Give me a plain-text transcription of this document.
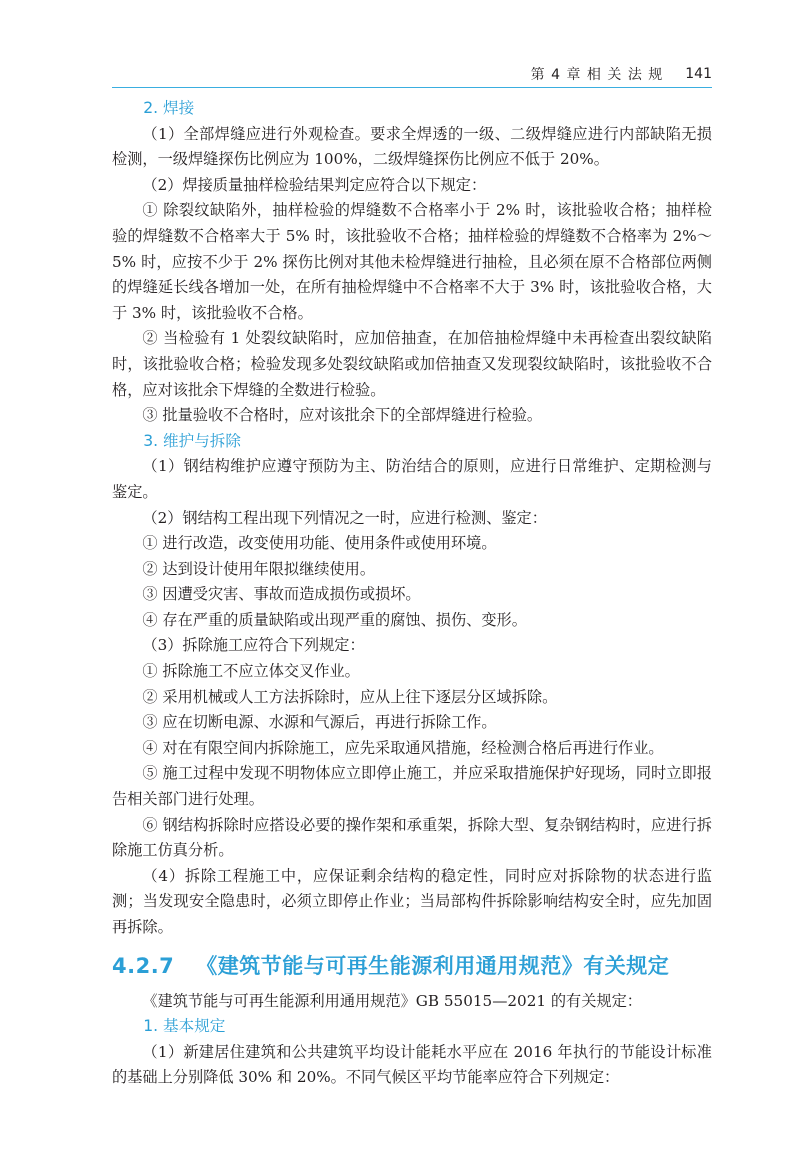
第 4 章 相 关 法 规 141

2. 焊接

（1）全部焊缝应进行外观检查。要求全焊透的一级、二级焊缝应进行内部缺陷无损检测，一级焊缝探伤比例应为 100%，二级焊缝探伤比例应不低于 20%。

（2）焊接质量抽样检验结果判定应符合以下规定：

① 除裂纹缺陷外，抽样检验的焊缝数不合格率小于 2% 时，该批验收合格；抽样检验的焊缝数不合格率大于 5% 时，该批验收不合格；抽样检验的焊缝数不合格率为 2%～5% 时，应按不少于 2% 探伤比例对其他未检焊缝进行抽检，且必须在原不合格部位两侧的焊缝延长线各增加一处，在所有抽检焊缝中不合格率不大于 3% 时，该批验收合格，大于 3% 时，该批验收不合格。

② 当检验有 1 处裂纹缺陷时，应加倍抽查，在加倍抽检焊缝中未再检查出裂纹缺陷时，该批验收合格；检验发现多处裂纹缺陷或加倍抽查又发现裂纹缺陷时，该批验收不合格，应对该批余下焊缝的全数进行检验。

③ 批量验收不合格时，应对该批余下的全部焊缝进行检验。

3. 维护与拆除

（1）钢结构维护应遵守预防为主、防治结合的原则，应进行日常维护、定期检测与鉴定。

（2）钢结构工程出现下列情况之一时，应进行检测、鉴定：

① 进行改造，改变使用功能、使用条件或使用环境。

② 达到设计使用年限拟继续使用。

③ 因遭受灾害、事故而造成损伤或损坏。

④ 存在严重的质量缺陷或出现严重的腐蚀、损伤、变形。

（3）拆除施工应符合下列规定：

① 拆除施工不应立体交叉作业。

② 采用机械或人工方法拆除时，应从上往下逐层分区域拆除。

③ 应在切断电源、水源和气源后，再进行拆除工作。

④ 对在有限空间内拆除施工，应先采取通风措施，经检测合格后再进行作业。

⑤ 施工过程中发现不明物体应立即停止施工，并应采取措施保护好现场，同时立即报告相关部门进行处理。

⑥ 钢结构拆除时应搭设必要的操作架和承重架，拆除大型、复杂钢结构时，应进行拆除施工仿真分析。

（4）拆除工程施工中，应保证剩余结构的稳定性，同时应对拆除物的状态进行监测；当发现安全隐患时，必须立即停止作业；当局部构件拆除影响结构安全时，应先加固再拆除。

4.2.7 《建筑节能与可再生能源利用通用规范》有关规定

《建筑节能与可再生能源利用通用规范》GB 55015—2021 的有关规定：

1. 基本规定

（1）新建居住建筑和公共建筑平均设计能耗水平应在 2016 年执行的节能设计标准的基础上分别降低 30% 和 20%。不同气候区平均节能率应符合下列规定：
